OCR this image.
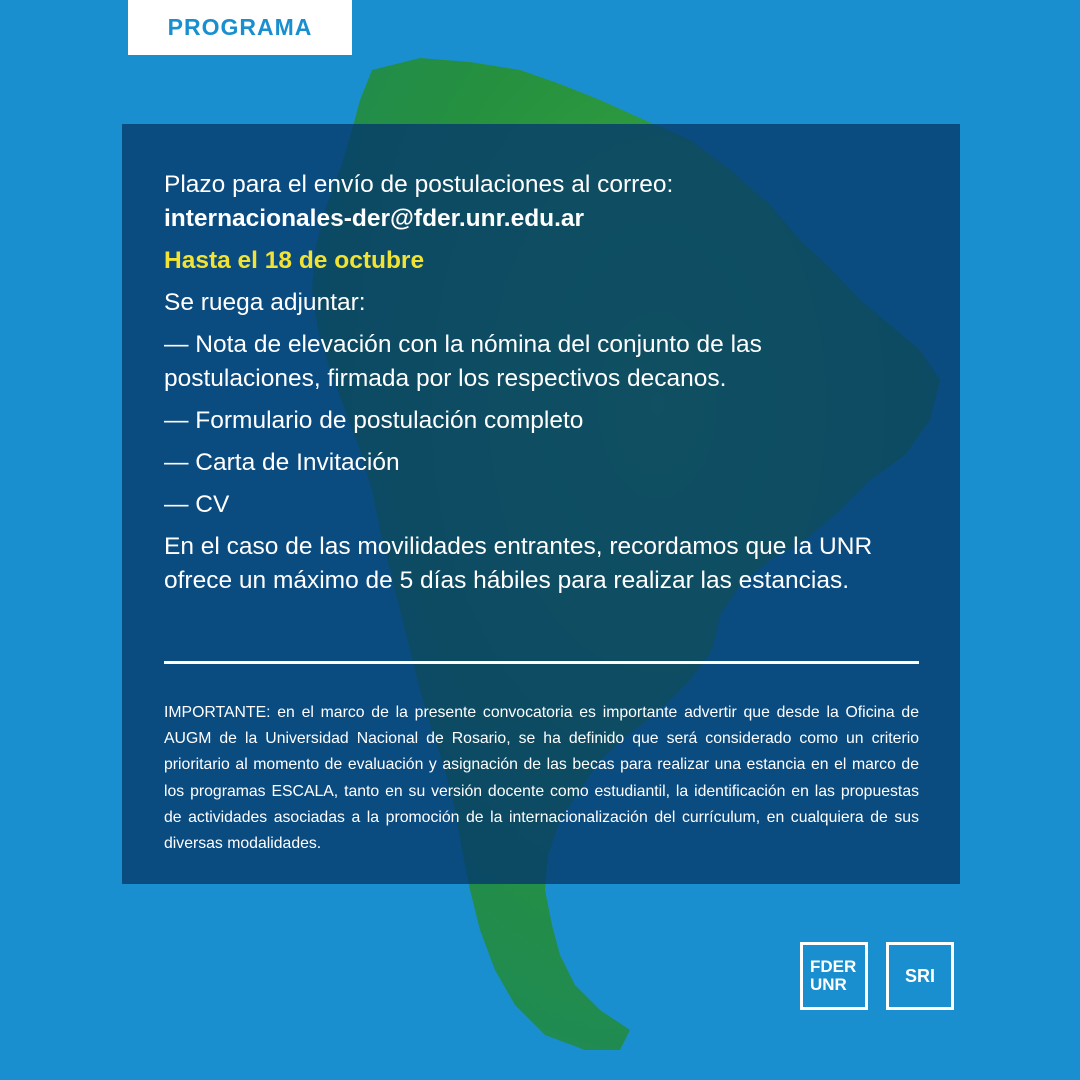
PROGRAMA

Plazo para el envío de postulaciones al correo:

internacionales-der@fder.unr.edu.ar

Hasta el 18 de octubre

Se ruega adjuntar:

— Nota de elevación con la nómina del conjunto de las postulaciones, firmada por los respectivos decanos.

— Formulario de postulación completo

— Carta de Invitación

— CV

En el caso de las movilidades entrantes, recordamos que la UNR ofrece un máximo de 5 días hábiles para realizar las estancias.

IMPORTANTE: en el marco de la presente convocatoria es importante advertir que desde la Oficina de AUGM de la Universidad Nacional de Rosario, se ha definido que será considerado como un criterio prioritario al momento de evaluación y asignación de las becas para realizar una estancia en el marco de los programas ESCALA, tanto en su versión docente como estudiantil, la identificación en las propuestas de actividades asociadas a la promoción de la internacionalización del currículum, en cualquiera de sus diversas modalidades.

FDER
UNR	SRI
